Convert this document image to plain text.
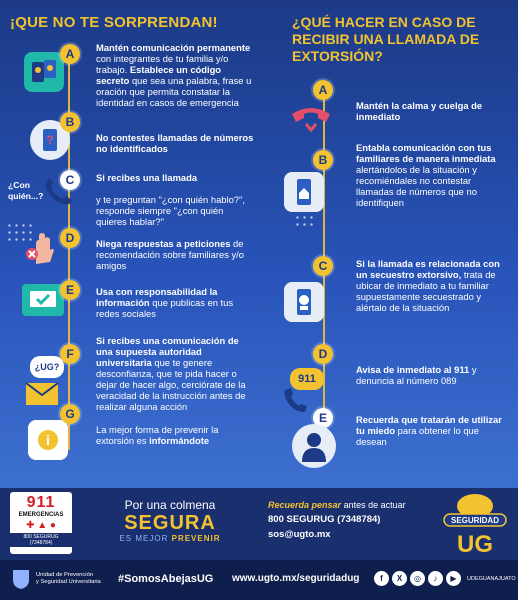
¡QUE NO TE SORPRENDAN!	¿QUÉ HACER EN CASO DE RECIBIR UNA LLAMADA DE EXTORSIÓN?
A	Mantén comunicación permanente con integrantes de tu familia y/o trabajo. Establece un código secreto que sea una palabra, frase u oración que permita constatar la identidad en casos de emergencia
?
B
No contestes llamadas de números no identificados
¿Con quién...?
C	Si recibes una llamada

y te preguntan "¿con quién hablo?", responde siempre "¿con quién quieres hablar?"
D	Niega respuestas a peticiones de recomendación sobre familiares y/o amigos
E	Usa con responsabilidad la información que publicas en tus redes sociales
¿UG?
F
Si recibes una comunicación de una supuesta autoridad universitaria que te genere desconfianza, que te pida hacer o dejar de hacer algo, cerciórate de la veracidad de la instrucción antes de realizar alguna acción
i
G
La mejor forma de prevenir la extorsión es informándote
A
Mantén la calma y cuelga de inmediato
B
Entabla comunicación con tus familiares de manera inmediata alertándolos de la situación y recomiéndales no contestar llamadas de números que no identifiquen
C	Si la llamada es relacionada con un secuestro extorsivo, trata de ubicar de inmediato a tu familiar supuestamente secuestrado y alértalo de la situación
D
911
Avisa de inmediato al 911 y denuncia al número 089
E	Recuerda que tratarán de utilizar tu miedo para obtener lo que desean
911
EMERGENCIAS
✚ ▲ ●
800 SEGURUG
(7348784)
Por una colmena
SEGURA
ES MEJOR PREVENIR
Recuerda pensar antes de actuar
800 SEGURUG (7348784)
sos@ugto.mx
SEGURIDAD
UG
Unidad de Prevención
y Seguridad Universitaria #SomosAbejasUG www.ugto.mx/seguridadug	f	X	◎	♪	▶	UDEGUANAJUATO
